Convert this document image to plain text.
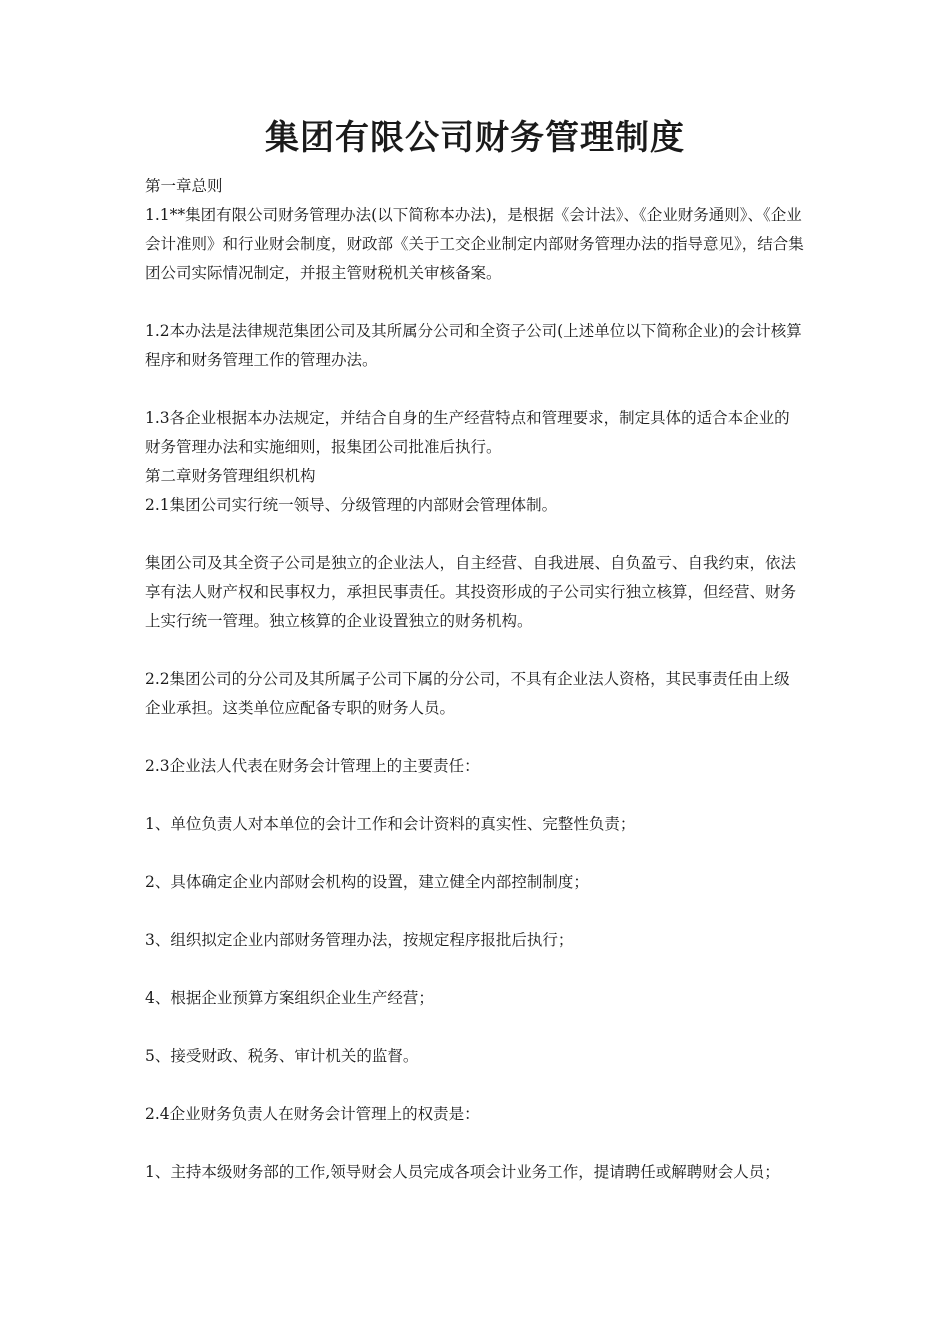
集团有限公司财务管理制度

第一章总则

1.1**集团有限公司财务管理办法(以下简称本办法)，是根据《会计法》、《企业财务通则》、《企业会计准则》和行业财会制度，财政部《关于工交企业制定内部财务管理办法的指导意见》，结合集团公司实际情况制定，并报主管财税机关审核备案。

1.2本办法是法律规范集团公司及其所属分公司和全资子公司(上述单位以下简称企业)的会计核算程序和财务管理工作的管理办法。

1.3各企业根据本办法规定，并结合自身的生产经营特点和管理要求，制定具体的适合本企业的财务管理办法和实施细则，报集团公司批准后执行。

第二章财务管理组织机构

2.1集团公司实行统一领导、分级管理的内部财会管理体制。

集团公司及其全资子公司是独立的企业法人，自主经营、自我进展、自负盈亏、自我约束，依法享有法人财产权和民事权力，承担民事责任。其投资形成的子公司实行独立核算，但经营、财务上实行统一管理。独立核算的企业设置独立的财务机构。

2.2集团公司的分公司及其所属子公司下属的分公司，不具有企业法人资格，其民事责任由上级企业承担。这类单位应配备专职的财务人员。

2.3企业法人代表在财务会计管理上的主要责任：

1、单位负责人对本单位的会计工作和会计资料的真实性、完整性负责；

2、具体确定企业内部财会机构的设置，建立健全内部控制制度；

3、组织拟定企业内部财务管理办法，按规定程序报批后执行；

4、根据企业预算方案组织企业生产经营；

5、接受财政、税务、审计机关的监督。

2.4企业财务负责人在财务会计管理上的权责是：

1、主持本级财务部的工作,领导财会人员完成各项会计业务工作，提请聘任或解聘财会人员；
